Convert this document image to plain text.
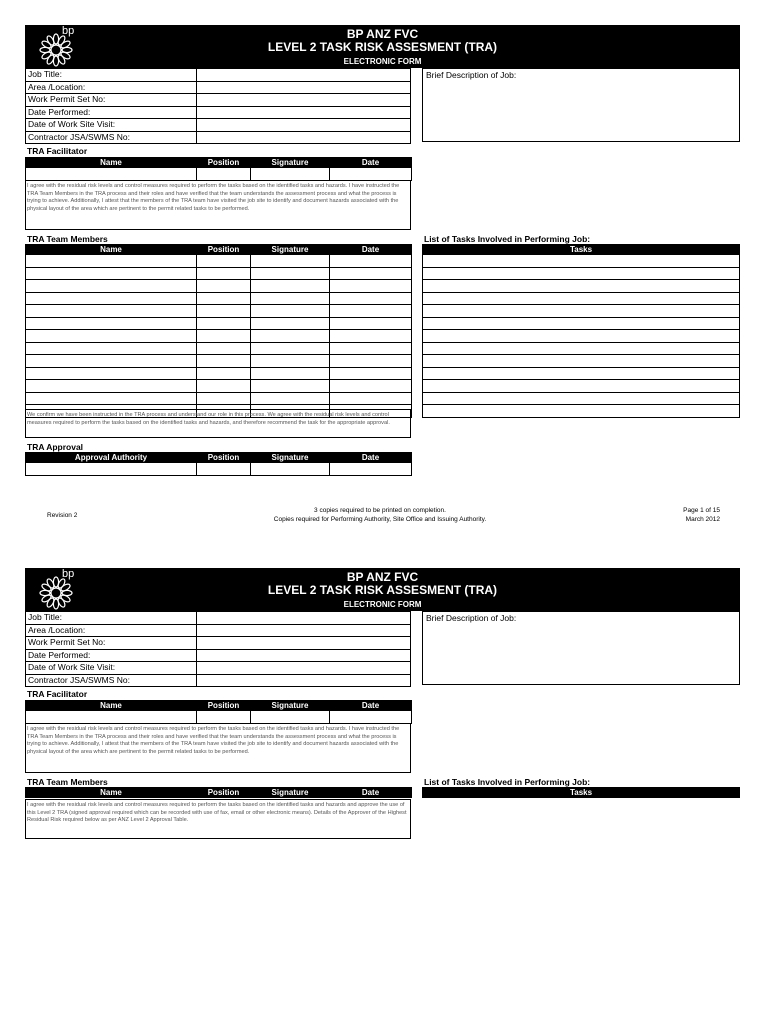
bp	BP ANZ FVC
LEVEL 2 TASK RISK ASSESMENT (TRA)
ELECTRONIC FORM
Job Title:	
Area /Location:	
Work Permit Set No:	
Date Performed:	
Date of Work Site Visit:	
Contractor JSA/SWMS No:	
Brief Description of Job:
TRA Facilitator
Name	Position	Signature	Date

I agree with the residual risk levels and control measures required to perform the tasks based on the identified tasks and hazards. I have instructed the TRA Team Members in the TRA process and their roles and have verified that the team understands the assessment process and what the process is trying to achieve. Additionally, I attest that the members of the TRA team have visited the job site to identify and document hazards associated with the physical layout of the area which are pertinent to the permit related tasks to be performed.
TRA Team Members
Name	Position	Signature	Date

We confirm we have been instructed in the TRA process and understand our role in this process. We agree with the residual risk levels and control measures required to perform the tasks based on the identified tasks and hazards, and therefore recommend the task for the appropriate approval.
List of Tasks Involved in Performing Job:
Tasks

TRA Approval
Approval Authority	Position	Signature	Date

Revision 2
3 copies required to be printed on completion.
Copies required for Performing Authority, Site Office and Issuing Authority.
Page 1 of 15
March 2012
bp	BP ANZ FVC
LEVEL 2 TASK RISK ASSESMENT (TRA)
ELECTRONIC FORM
Job Title:	
Area /Location:	
Work Permit Set No:	
Date Performed:	
Date of Work Site Visit:	
Contractor JSA/SWMS No:	
Brief Description of Job:
TRA Facilitator
Name	Position	Signature	Date

I agree with the residual risk levels and control measures required to perform the tasks based on the identified tasks and hazards. I have instructed the TRA Team Members in the TRA process and their roles and have verified that the team understands the assessment process and what the process is trying to achieve. Additionally, I attest that the members of the TRA team have visited the job site to identify and document hazards associated with the physical layout of the area which are pertinent to the permit related tasks to be performed.
TRA Team Members
Name	Position	Signature	Date
I agree with the residual risk levels and control measures required to perform the tasks based on the identified tasks and hazards and approve the use of this Level 2 TRA (signed approval required which can be recorded with use of fax, email or other electronic means). Details of the Approver of the Highest Residual Risk required below as per ANZ Level 2 Approval Table.
List of Tasks Involved in Performing Job:
Tasks
